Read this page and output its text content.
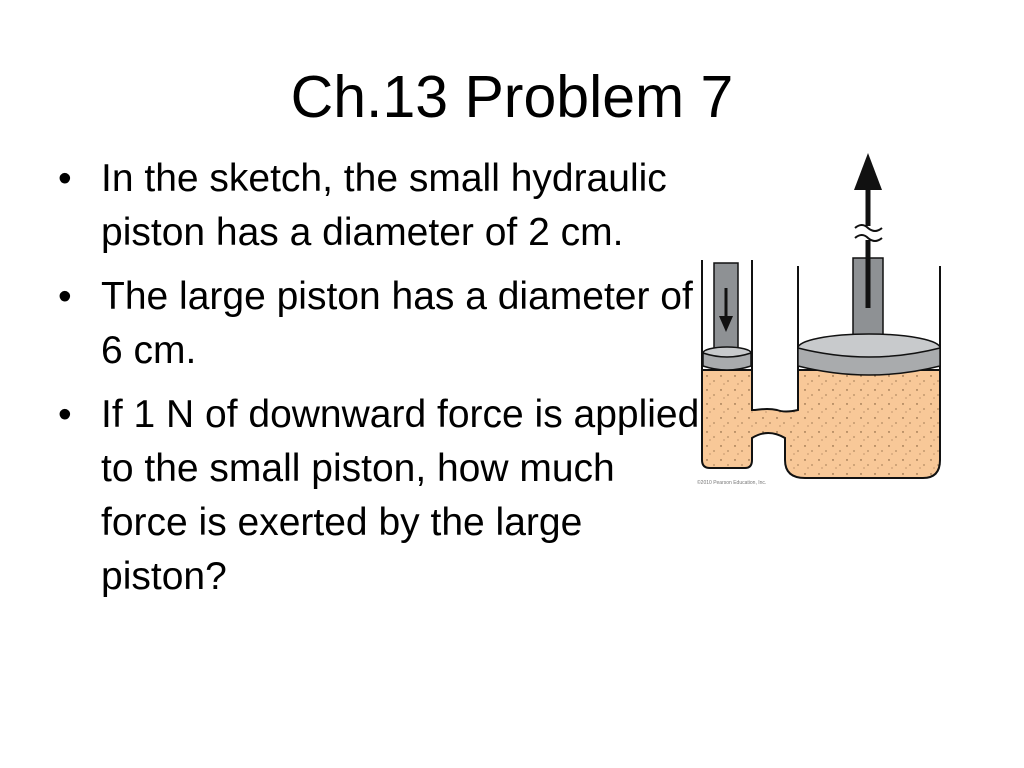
Ch.13 Problem 7
• In the sketch, the small hydraulic piston has a diameter of 2 cm.
• The large piston has a diameter of 6 cm.
• If 1 N of downward force is applied to the small piston, how much force is exerted by the large piston?
©2010 Pearson Education, Inc.
